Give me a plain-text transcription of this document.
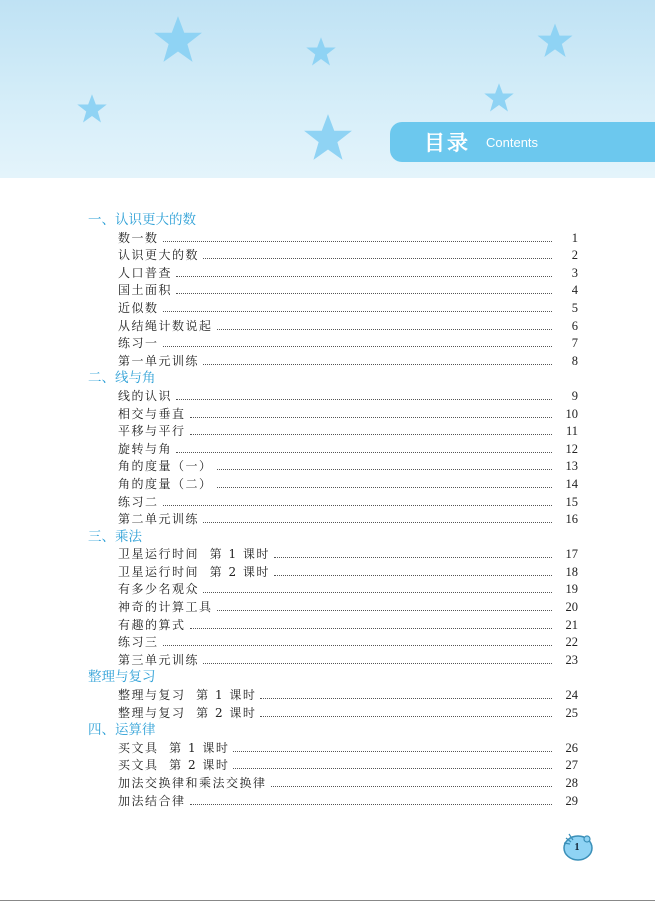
目录 Contents
一、认识更大的数
数一数	1
认识更大的数	2
人口普查	3
国土面积	4
近似数	5
从结绳计数说起	6
练习一	7
第一单元训练	8
二、线与角
线的认识	9
相交与垂直	10
平移与平行	11
旋转与角	12
角的度量（一）	13
角的度量（二）	14
练习二	15
第二单元训练	16
三、乘法
卫星运行时间  第 1 课时	17
卫星运行时间  第 2 课时	18
有多少名观众	19
神奇的计算工具	20
有趣的算式	21
练习三	22
第三单元训练	23
整理与复习
整理与复习  第 1 课时	24
整理与复习  第 2 课时	25
四、运算律
买文具  第 1 课时	26
买文具  第 2 课时	27
加法交换律和乘法交换律	28
加法结合律	29
1
